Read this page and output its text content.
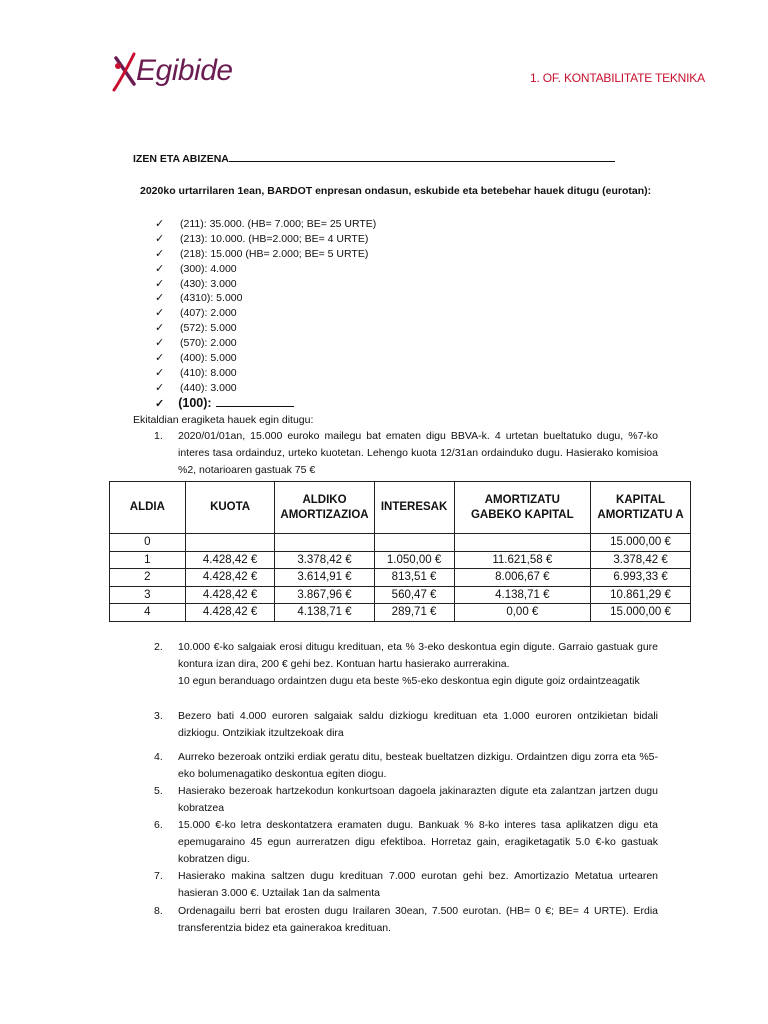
Egibide	1. OF. KONTABILITATE TEKNIKA
IZEN ETA ABIZENA
2020ko urtarrilaren 1ean, BARDOT enpresan ondasun, eskubide eta betebehar hauek ditugu (eurotan):
✓ (211): 35.000. (HB= 7.000; BE= 25 URTE)
✓ (213): 10.000. (HB=2.000; BE= 4 URTE)
✓ (218): 15.000 (HB= 2.000; BE= 5 URTE)
✓ (300): 4.000
✓ (430): 3.000
✓ (4310): 5.000
✓ (407): 2.000
✓ (572): 5.000
✓ (570): 2.000
✓ (400): 5.000
✓ (410): 8.000
✓ (440): 3.000
✓ (100):
Ekitaldian eragiketa hauek egin ditugu:
1. 2020/01/01an, 15.000 euroko mailegu bat ematen digu BBVA-k. 4 urtetan bueltatuko dugu, %7-ko interes tasa ordainduz, urteko kuotetan. Lehengo kuota 12/31an ordainduko dugu. Hasierako komisioa %2, notarioaren gastuak 75 €
ALDIA	KUOTA	ALDIKO AMORTIZAZIOA	INTERESAK	AMORTIZATU GABEKO KAPITAL	KAPITAL AMORTIZATU A
0					15.000,00 €
1	4.428,42 €	3.378,42 €	1.050,00 €	11.621,58 €	3.378,42 €
2	4.428,42 €	3.614,91 €	813,51 €	8.006,67 €	6.993,33 €
3	4.428,42 €	3.867,96 €	560,47 €	4.138,71 €	10.861,29 €
4	4.428,42 €	4.138,71 €	289,71 €	0,00 €	15.000,00 €
2. 10.000 €-ko salgaiak erosi ditugu kredituan, eta % 3-eko deskontua egin digute. Garraio gastuak gure kontura izan dira, 200 € gehi bez. Kontuan hartu hasierako aurrerakina.
10 egun beranduago ordaintzen dugu eta beste %5-eko deskontua egin digute goiz ordaintzeagatik
3. Bezero bati 4.000 euroren salgaiak saldu dizkiogu kredituan eta 1.000 euroren ontzikietan bidali dizkiogu. Ontzikiak itzultzekoak dira
4. Aurreko bezeroak ontziki erdiak geratu ditu, besteak bueltatzen dizkigu. Ordaintzen digu zorra eta %5-eko bolumenagatiko deskontua egiten diogu.
5. Hasierako bezeroak hartzekodun konkurtsoan dagoela jakinarazten digute eta zalantzan jartzen dugu kobratzea
6. 15.000 €-ko letra deskontatzera eramaten dugu. Bankuak % 8-ko interes tasa aplikatzen digu eta epemugaraino 45 egun aurreratzen digu efektiboa. Horretaz gain, eragiketagatik 5.0 €-ko gastuak kobratzen digu.
7. Hasierako makina saltzen dugu kredituan 7.000 eurotan gehi bez. Amortizazio Metatua urtearen hasieran 3.000 €. Uztailak 1an da salmenta
8. Ordenagailu berri bat erosten dugu Irailaren 30ean, 7.500 eurotan. (HB= 0 €; BE= 4 URTE). Erdia transferentzia bidez eta gainerakoa kredituan.
